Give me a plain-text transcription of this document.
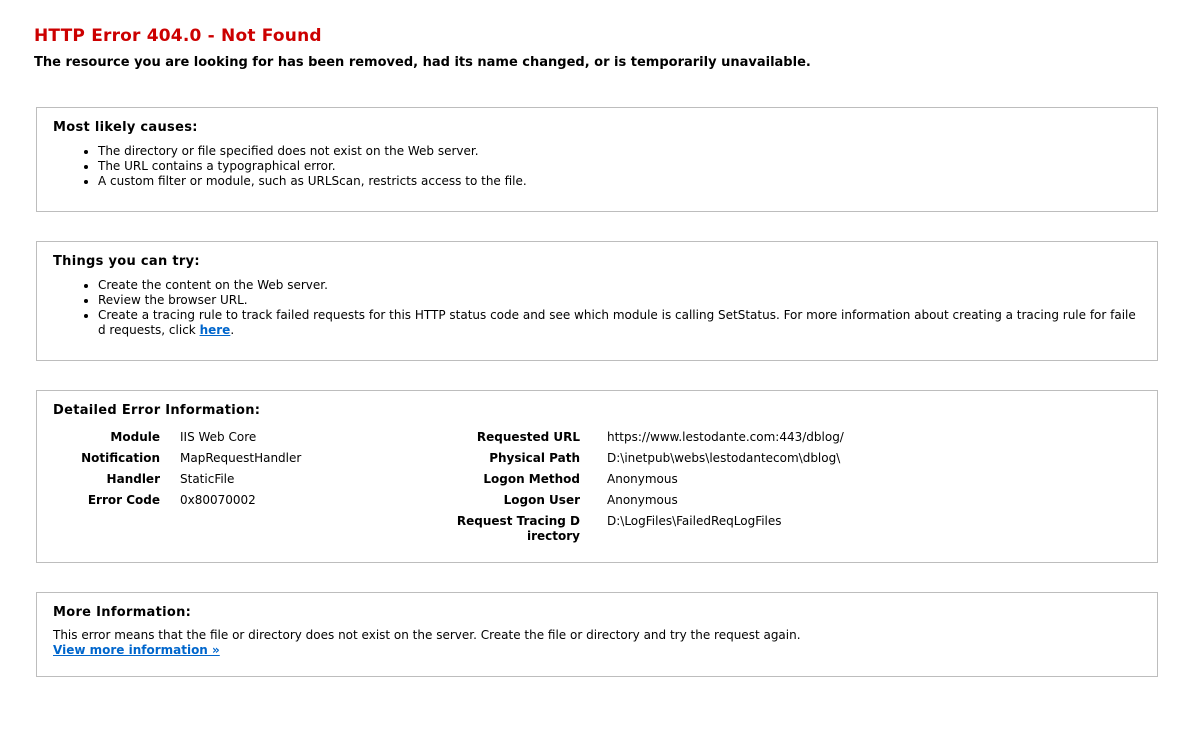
HTTP Error 404.0 - Not Found
The resource you are looking for has been removed, had its name changed, or is temporarily unavailable.
Most likely causes:
• The directory or file specified does not exist on the Web server.
• The URL contains a typographical error.
• A custom filter or module, such as URLScan, restricts access to the file.
Things you can try:
• Create the content on the Web server.
• Review the browser URL.
• Create a tracing rule to track failed requests for this HTTP status code and see which module is calling SetStatus. For more information about creating a tracing rule for faile d requests, click here.
Detailed Error Information:
Module IIS Web Core
Notification MapRequestHandler
Handler StaticFile
Error Code 0x80070002
Requested URL https://www.lestodante.com:443/dblog/
Physical Path D:\inetpub\webs\lestodantecom\dblog\
Logon Method Anonymous
Logon User Anonymous
Request Tracing D
irectory
D:\LogFiles\FailedReqLogFiles
More Information:

This error means that the file or directory does not exist on the server. Create the file or directory and try the request again.
View more information »
